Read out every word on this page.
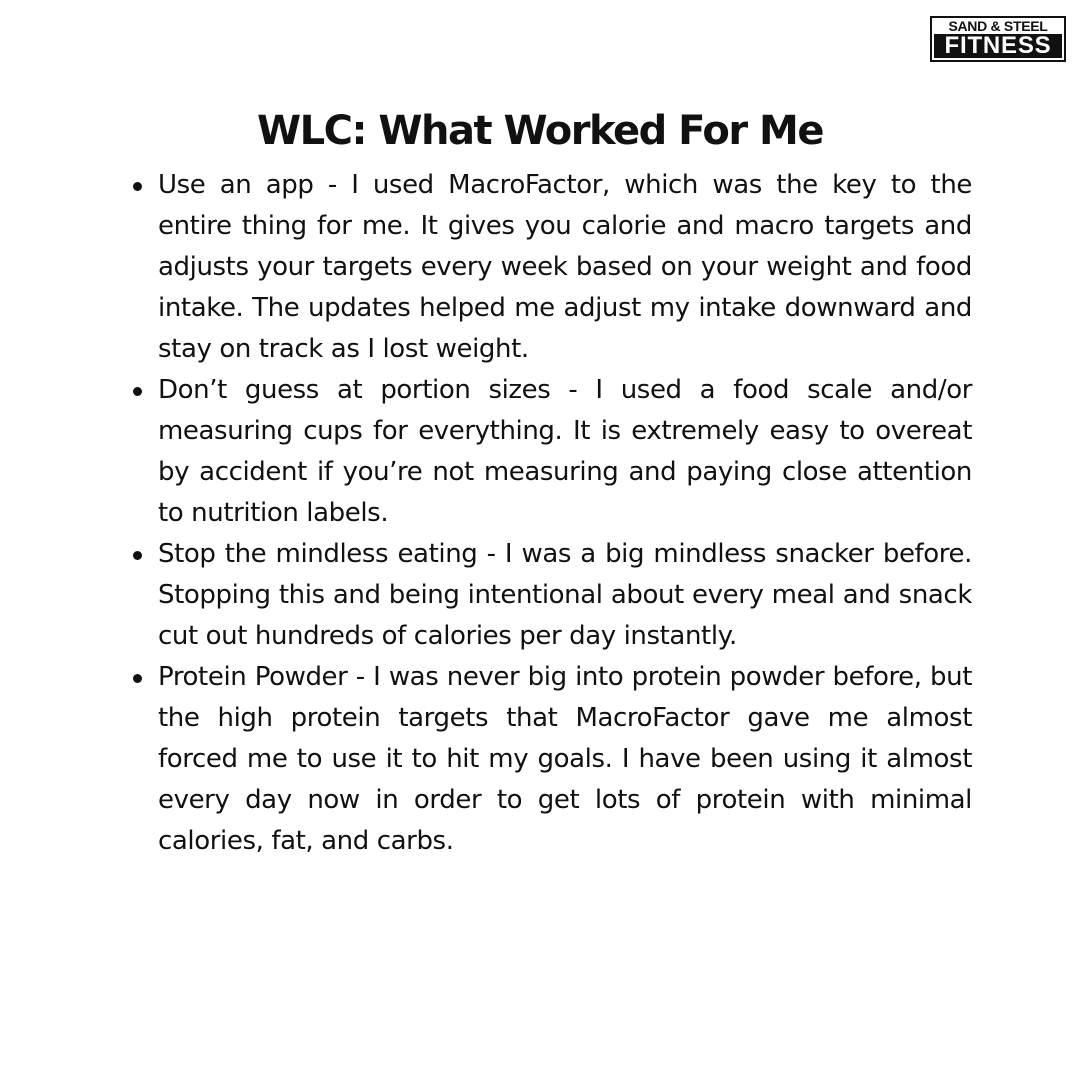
SAND & STEEL
FITNESS
WLC: What Worked For Me
Use an app - I used MacroFactor, which was the key to the entire thing for me. It gives you calorie and macro targets and adjusts your targets every week based on your weight and food intake. The updates helped me adjust my intake downward and stay on track as I lost weight.
Don’t guess at portion sizes - I used a food scale and/or measuring cups for everything. It is extremely easy to overeat by accident if you’re not measuring and paying close attention to nutrition labels.
Stop the mindless eating - I was a big mindless snacker before. Stopping this and being intentional about every meal and snack cut out hundreds of calories per day instantly.
Protein Powder - I was never big into protein powder before, but the high protein targets that MacroFactor gave me almost forced me to use it to hit my goals. I have been using it almost every day now in order to get lots of protein with minimal calories, fat, and carbs.
